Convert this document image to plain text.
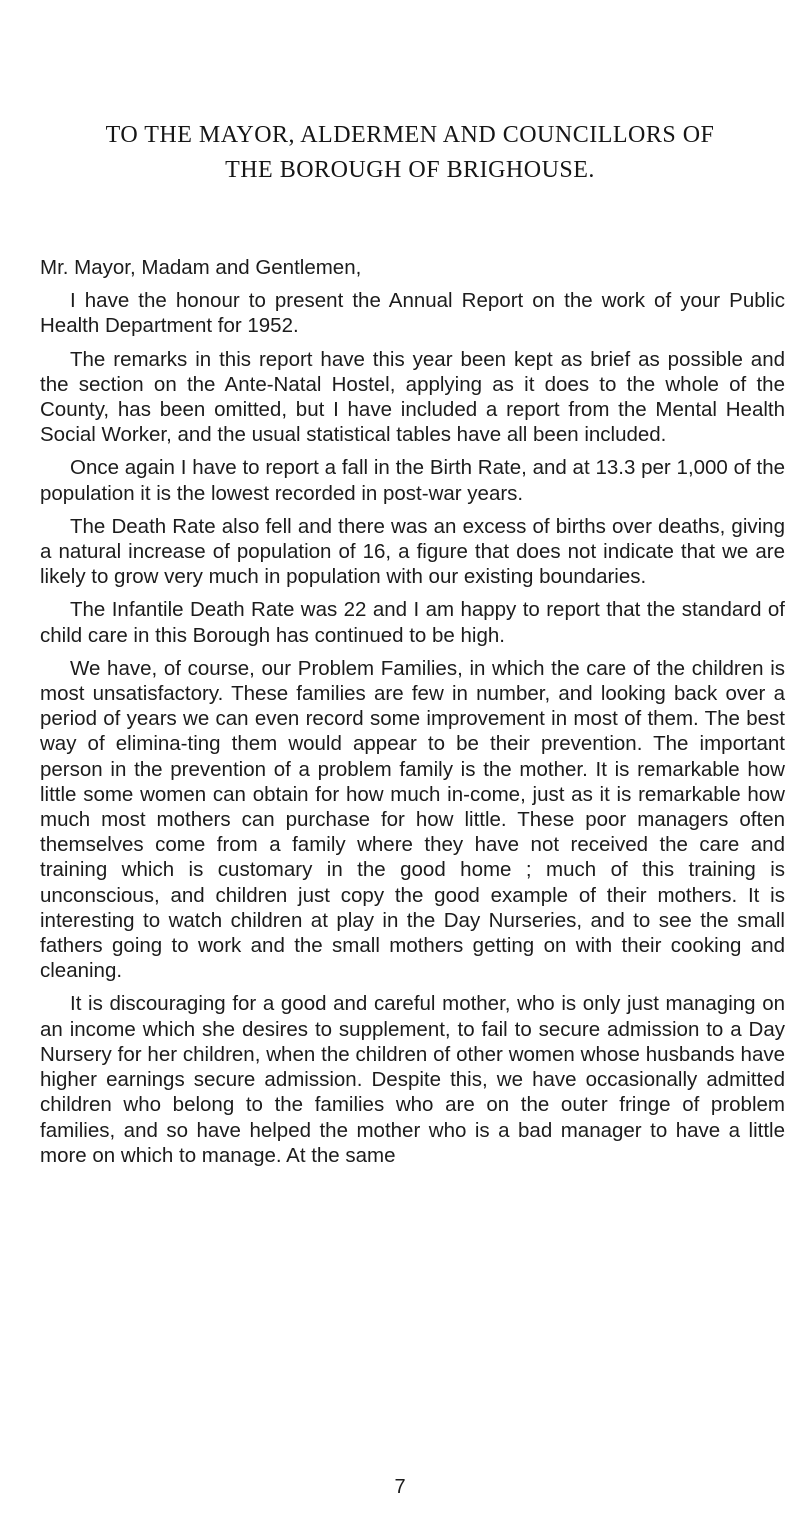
TO THE MAYOR, ALDERMEN AND COUNCILLORS OF
THE BOROUGH OF BRIGHOUSE.

Mr. Mayor, Madam and Gentlemen,

I have the honour to present the Annual Report on the work of your Public Health Department for 1952.

The remarks in this report have this year been kept as brief as possible and the section on the Ante-Natal Hostel, applying as it does to the whole of the County, has been omitted, but I have included a report from the Mental Health Social Worker, and the usual statistical tables have all been included.

Once again I have to report a fall in the Birth Rate, and at 13.3 per 1,000 of the population it is the lowest recorded in post-war years.

The Death Rate also fell and there was an excess of births over deaths, giving a natural increase of population of 16, a figure that does not indicate that we are likely to grow very much in population with our existing boundaries.

The Infantile Death Rate was 22 and I am happy to report that the standard of child care in this Borough has continued to be high.

We have, of course, our Problem Families, in which the care of the children is most unsatisfactory. These families are few in number, and looking back over a period of years we can even record some improvement in most of them. The best way of elimina-ting them would appear to be their prevention. The important person in the prevention of a problem family is the mother. It is remarkable how little some women can obtain for how much in-come, just as it is remarkable how much most mothers can purchase for how little. These poor managers often themselves come from a family where they have not received the care and training which is customary in the good home ; much of this training is unconscious, and children just copy the good example of their mothers. It is interesting to watch children at play in the Day Nurseries, and to see the small fathers going to work and the small mothers getting on with their cooking and cleaning.

It is discouraging for a good and careful mother, who is only just managing on an income which she desires to supplement, to fail to secure admission to a Day Nursery for her children, when the children of other women whose husbands have higher earnings secure admission. Despite this, we have occasionally admitted children who belong to the families who are on the outer fringe of problem families, and so have helped the mother who is a bad manager to have a little more on which to manage. At the same

7
